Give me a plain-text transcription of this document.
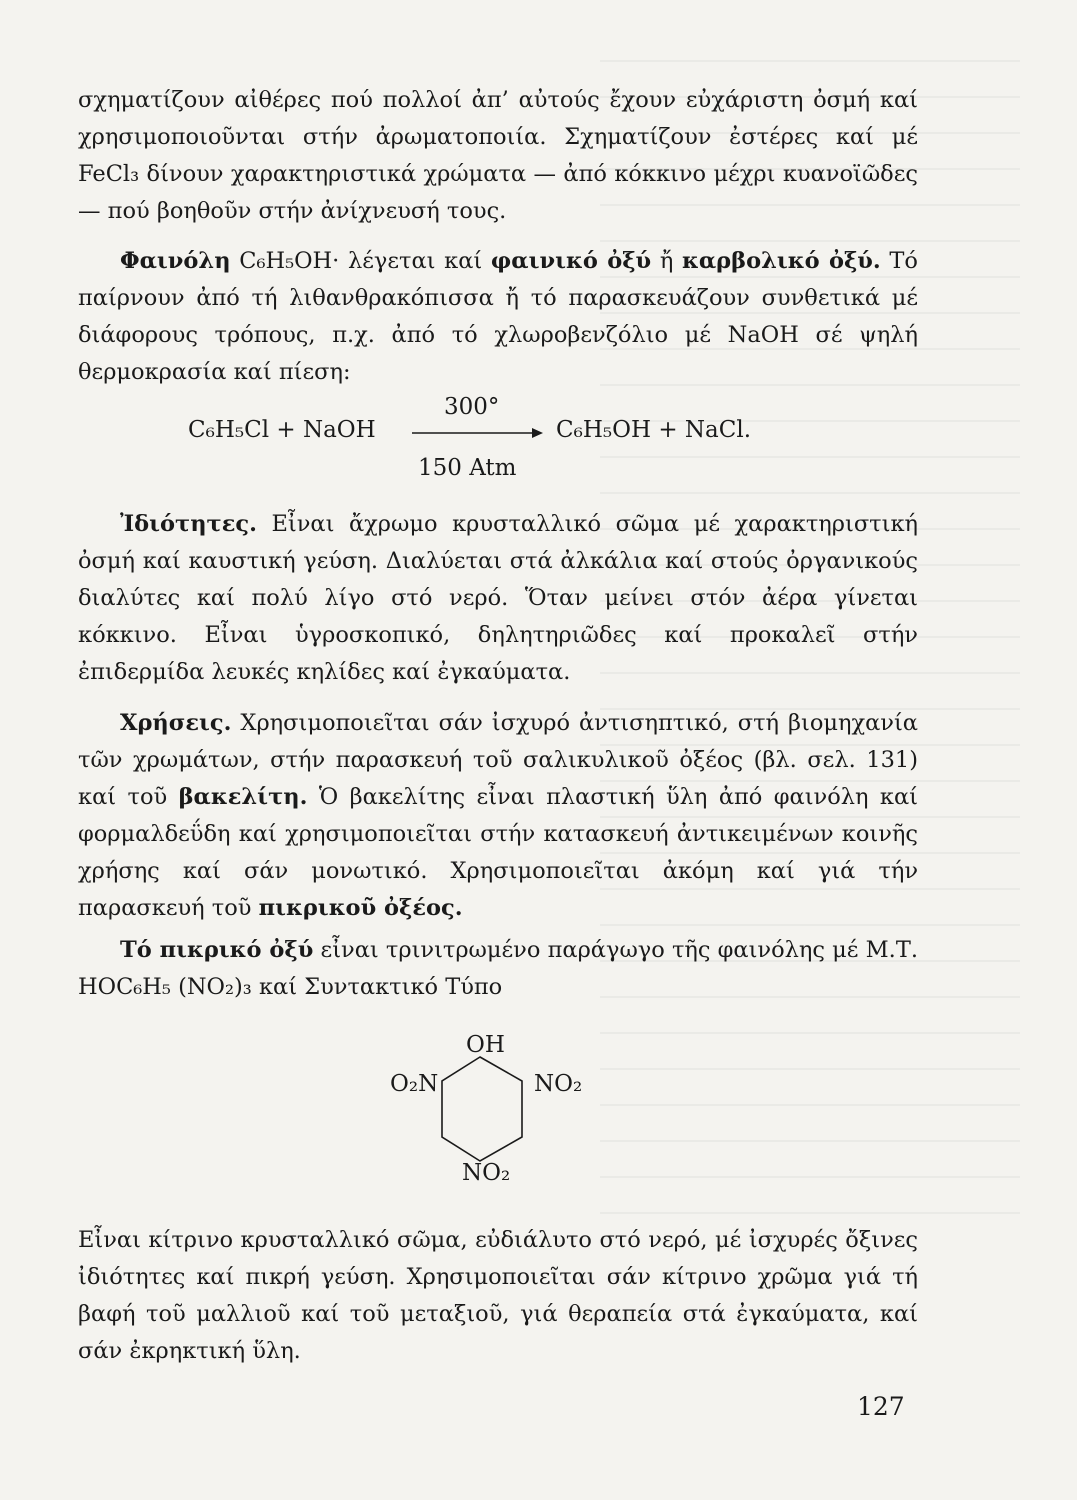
σχηματίζουν αἰθέρες πού πολλοί ἀπ’ αὐτούς ἔχουν εὐχάριστη ὀσμή καί χρησιμοποιοῦνται στήν ἀρωματοποιία. Σχηματίζουν ἐστέρες καί μέ FeCl₃ δίνουν χαρακτηριστικά χρώματα — ἀπό κόκκινο μέχρι κυανοϊῶδες — πού βοηθοῦν στήν ἀνίχνευσή τους.

Φαινόλη C₆H₅OH· λέγεται καί φαινικό ὀξύ ἤ καρβολικό ὀξύ. Τό παίρνουν ἀπό τή λιθανθρακόπισσα ἤ τό παρασκευάζουν συνθετικά μέ διάφορους τρόπους, π.χ. ἀπό τό χλωροβενζόλιο μέ NaOH σέ ψηλή θερμοκρασία καί πίεση:

C₆H₅Cl + NaOH
300°
C₆H₅OH + NaCl.
150 Atm

Ἰδιότητες. Εἶναι ἄχρωμο κρυσταλλικό σῶμα μέ χαρακτηριστική ὀσμή καί καυστική γεύση. Διαλύεται στά ἀλκάλια καί στούς ὀργανικούς διαλύτες καί πολύ λίγο στό νερό. Ὅταν μείνει στόν ἀέρα γίνεται κόκκινο. Εἶναι ὑγροσκοπικό, δηλητηριῶδες καί προκαλεῖ στήν ἐπιδερμίδα λευκές κηλίδες καί ἐγκαύματα.

Χρήσεις. Χρησιμοποιεῖται σάν ἰσχυρό ἀντισηπτικό, στή βιομηχανία τῶν χρωμάτων, στήν παρασκευή τοῦ σαλικυλικοῦ ὀξέος (βλ. σελ. 131) καί τοῦ βακελίτη. Ὁ βακελίτης εἶναι πλαστική ὕλη ἀπό φαινόλη καί φορμαλδεΰδη καί χρησιμοποιεῖται στήν κατασκευή ἀντικειμένων κοινῆς χρήσης καί σάν μονωτικό. Χρησιμοποιεῖται ἀκόμη καί γιά τήν παρασκευή τοῦ πικρικοῦ ὀξέος.

Τό πικρικό ὀξύ εἶναι τρινιτρωμένο παράγωγο τῆς φαινόλης μέ Μ.Τ. HOC₆H₅ (NO₂)₃ καί Συντακτικό Τύπο

OH
O₂N	NO₂
NO₂

Εἶναι κίτρινο κρυσταλλικό σῶμα, εὐδιάλυτο στό νερό, μέ ἰσχυρές ὄξινες ἰδιότητες καί πικρή γεύση. Χρησιμοποιεῖται σάν κίτρινο χρῶμα γιά τή βαφή τοῦ μαλλιοῦ καί τοῦ μεταξιοῦ, γιά θεραπεία στά ἐγκαύματα, καί σάν ἐκρηκτική ὕλη.

127
